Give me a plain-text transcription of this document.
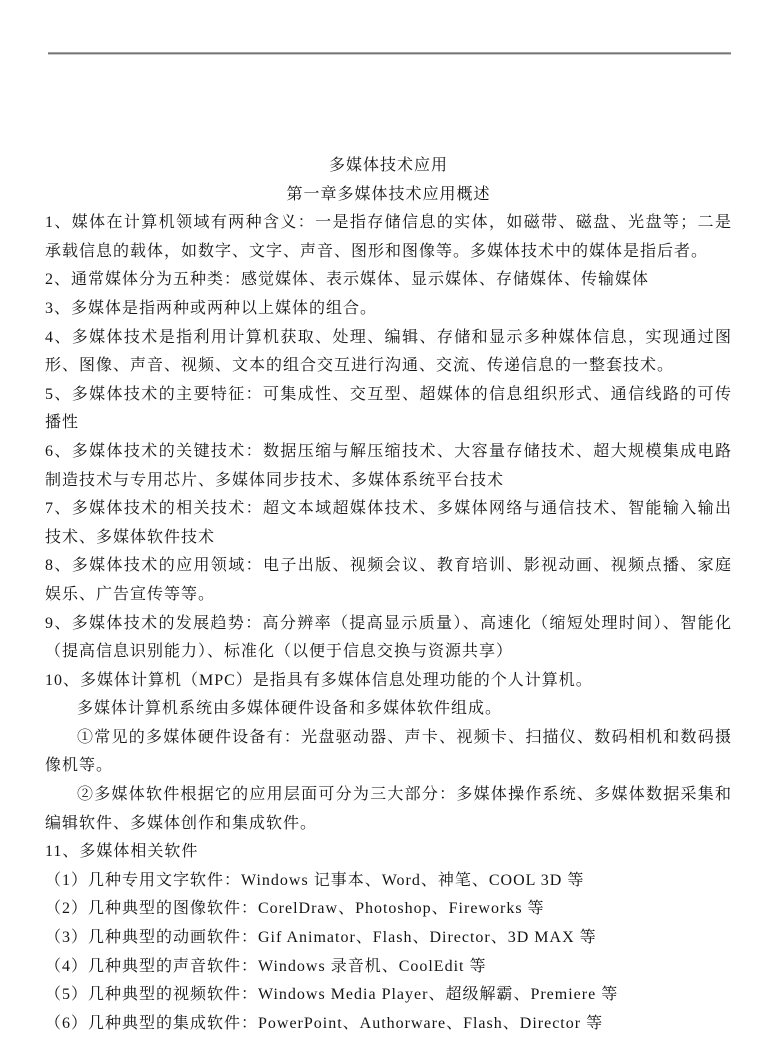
多媒体技术应用

第一章多媒体技术应用概述

1、媒体在计算机领域有两种含义：一是指存储信息的实体，如磁带、磁盘、光盘等；二是承载信息的载体，如数字、文字、声音、图形和图像等。多媒体技术中的媒体是指后者。

2、通常媒体分为五种类：感觉媒体、表示媒体、显示媒体、存储媒体、传输媒体

3、多媒体是指两种或两种以上媒体的组合。

4、多媒体技术是指利用计算机获取、处理、编辑、存储和显示多种媒体信息，实现通过图形、图像、声音、视频、文本的组合交互进行沟通、交流、传递信息的一整套技术。

5、多媒体技术的主要特征：可集成性、交互型、超媒体的信息组织形式、通信线路的可传播性

6、多媒体技术的关键技术：数据压缩与解压缩技术、大容量存储技术、超大规模集成电路制造技术与专用芯片、多媒体同步技术、多媒体系统平台技术

7、多媒体技术的相关技术：超文本域超媒体技术、多媒体网络与通信技术、智能输入输出技术、多媒体软件技术

8、多媒体技术的应用领域：电子出版、视频会议、教育培训、影视动画、视频点播、家庭娱乐、广告宣传等等。

9、多媒体技术的发展趋势：高分辨率（提高显示质量）、高速化（缩短处理时间）、智能化（提高信息识别能力）、标准化（以便于信息交换与资源共享）

10、多媒体计算机（MPC）是指具有多媒体信息处理功能的个人计算机。

多媒体计算机系统由多媒体硬件设备和多媒体软件组成。

①常见的多媒体硬件设备有：光盘驱动器、声卡、视频卡、扫描仪、数码相机和数码摄像机等。

②多媒体软件根据它的应用层面可分为三大部分：多媒体操作系统、多媒体数据采集和编辑软件、多媒体创作和集成软件。

11、多媒体相关软件

（1）几种专用文字软件：Windows 记事本、Word、神笔、COOL 3D 等

（2）几种典型的图像软件：CorelDraw、Photoshop、Fireworks 等

（3）几种典型的动画软件：Gif Animator、Flash、Director、3D MAX 等

（4）几种典型的声音软件：Windows 录音机、CoolEdit 等

（5）几种典型的视频软件：Windows Media Player、超级解霸、Premiere 等

（6）几种典型的集成软件：PowerPoint、Authorware、Flash、Director 等
